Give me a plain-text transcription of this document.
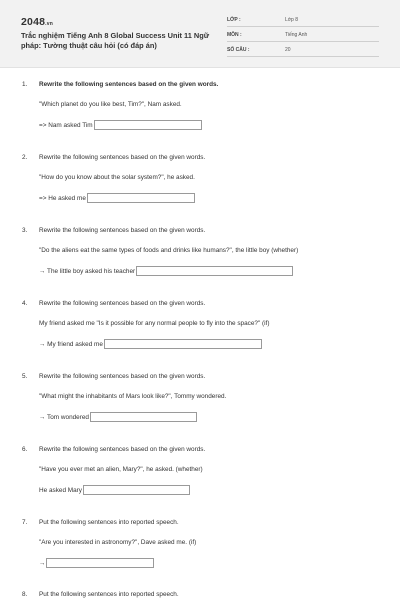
2048.vn
Trắc nghiệm Tiếng Anh 8 Global Success Unit 11 Ngữ pháp: Tường thuật câu hỏi (có đáp án)
LỚP :	Lớp 8
MÔN :	Tiếng Anh
SỐ CÂU :	20
1. Rewrite the following sentences based on the given words.
"Which planet do you like best, Tim?", Nam asked.
=> Nam asked Tim
2. Rewrite the following sentences based on the given words.
"How do you know about the solar system?", he asked.
=> He asked me
3. Rewrite the following sentences based on the given words.
"Do the aliens eat the same types of foods and drinks like humans?", the little boy (whether)
→ The little boy asked his teacher
4. Rewrite the following sentences based on the given words.
My friend asked me "Is it possible for any normal people to fly into the space?" (if)
→ My friend asked me
5. Rewrite the following sentences based on the given words.
"What might the inhabitants of Mars look like?", Tommy wondered.
→ Tom wondered
6. Rewrite the following sentences based on the given words.
"Have you ever met an alien, Mary?", he asked. (whether)
He asked Mary
7. Put the following sentences into reported speech.
"Are you interested in astronomy?", Dave asked me. (if)
→
8. Put the following sentences into reported speech.
